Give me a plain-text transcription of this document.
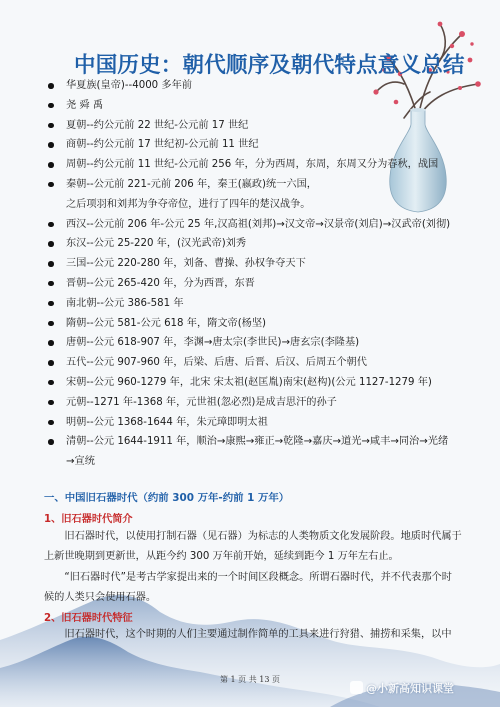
中国历史：朝代顺序及朝代特点意义总结
华夏族(皇帝)--4000 多年前
尧 舜 禹
夏朝--约公元前 22 世纪-公元前 17 世纪
商朝--约公元前 17 世纪初-公元前 11 世纪
周朝--约公元前 11 世纪-公元前 256 年，分为西周，东周，东周又分为春秋，战国
秦朝--公元前 221-元前 206 年，秦王(嬴政)统一六国，
之后项羽和刘邦为争夺帝位，进行了四年的楚汉战争。
西汉--公元前 206 年-公元 25 年,汉高祖(刘邦)→汉文帝→汉景帝(刘启)→汉武帝(刘彻)
东汉--公元 25-220 年，(汉光武帝)刘秀
三国--公元 220-280 年，刘备、曹操、孙权争夺天下
晋朝--公元 265-420 年，分为西晋，东晋
南北朝--公元 386-581 年
隋朝--公元 581-公元 618 年，隋文帝(杨坚)
唐朝--公元 618-907 年，李渊→唐太宗(李世民)→唐玄宗(李隆基)
五代--公元 907-960 年，后梁、后唐、后晋、后汉、后周五个朝代
宋朝--公元 960-1279 年，北宋 宋太祖(赵匡胤)南宋(赵构)(公元 1127-1279 年)
元朝--1271 年-1368 年，元世祖(忽必烈)是成吉思汗的孙子
明朝--公元 1368-1644 年，朱元璋即明太祖
清朝--公元 1644-1911 年，顺治→康熙→雍正→乾隆→嘉庆→道光→咸丰→同治→光绪
→宣统
一、中国旧石器时代（约前 300 万年-约前 1 万年）
1、旧石器时代简介
旧石器时代，以使用打制石器（见石器）为标志的人类物质文化发展阶段。地质时代属于上新世晚期到更新世，从距今约 300 万年前开始，延续到距今 1 万年左右止。
“旧石器时代”是考古学家提出来的一个时间区段概念。所谓石器时代，并不代表那个时候的人类只会使用石器。
2、旧石器时代特征
旧石器时代，这个时期的人们主要通过制作简单的工具来进行狩猎、捕捞和采集，以中
第 1 页 共 13 页
@小新高知识课堂
